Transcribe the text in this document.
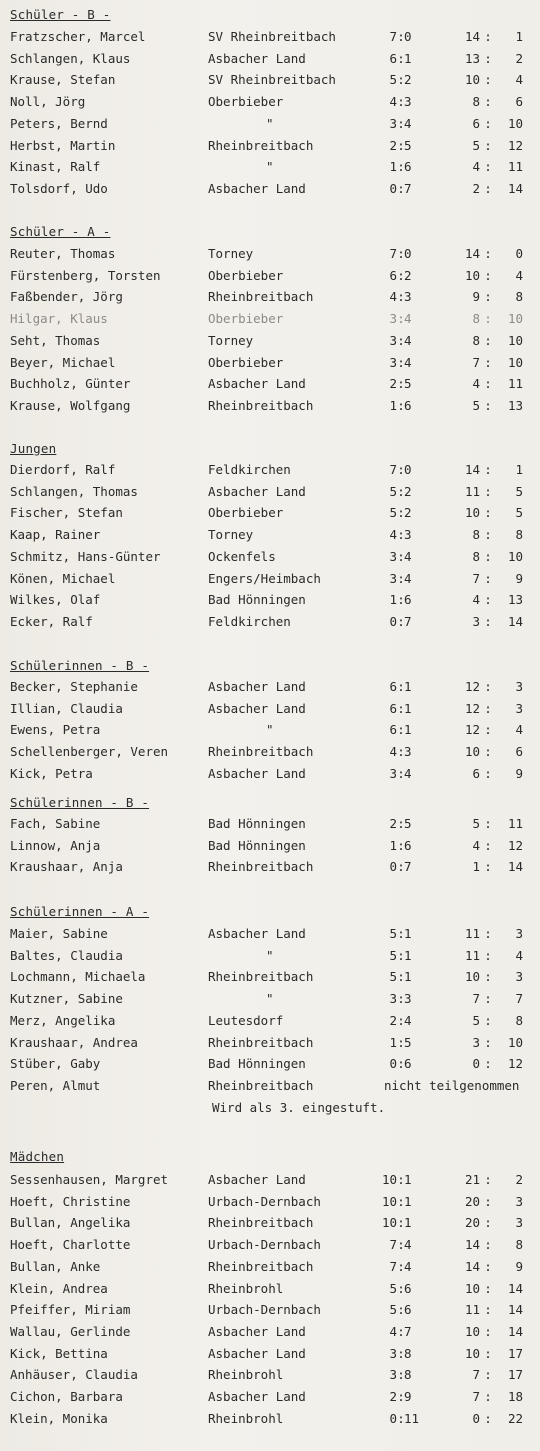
Schüler - B -
Fratzscher, Marcel	SV Rheinbreitbach	7 : 0	14 :	1
Schlangen, Klaus	Asbacher Land	6 : 1	13 :	2
Krause, Stefan	SV Rheinbreitbach	5 : 2	10 :	4
Noll, Jörg	Oberbieber	4 : 3	8 :	6
Peters, Bernd	"	3 : 4	6 :	10
Herbst, Martin	Rheinbreitbach	2 : 5	5 :	12
Kinast, Ralf	"	1 : 6	4 :	11
Tolsdorf, Udo	Asbacher Land	0 : 7	2 :	14
Schüler - A -
Reuter, Thomas	Torney	7 : 0	14 :	0
Fürstenberg, Torsten	Oberbieber	6 : 2	10 :	4
Faßbender, Jörg	Rheinbreitbach	4 : 3	9 :	8
Hilgar, Klaus	Oberbieber	3 : 4	8 :	10
Seht, Thomas	Torney	3 : 4	8 :	10
Beyer, Michael	Oberbieber	3 : 4	7 :	10
Buchholz, Günter	Asbacher Land	2 : 5	4 :	11
Krause, Wolfgang	Rheinbreitbach	1 : 6	5 :	13
Jungen
Dierdorf, Ralf	Feldkirchen	7 : 0	14 :	1
Schlangen, Thomas	Asbacher Land	5 : 2	11 :	5
Fischer, Stefan	Oberbieber	5 : 2	10 :	5
Kaap, Rainer	Torney	4 : 3	8 :	8
Schmitz, Hans-Günter	Ockenfels	3 : 4	8 :	10
Könen, Michael	Engers/Heimbach	3 : 4	7 :	9
Wilkes, Olaf	Bad Hönningen	1 : 6	4 :	13
Ecker, Ralf	Feldkirchen	0 : 7	3 :	14
Schülerinnen - B -
Becker, Stephanie	Asbacher Land	6 : 1	12 :	3
Illian, Claudia	Asbacher Land	6 : 1	12 :	3
Ewens, Petra	"	6 : 1	12 :	4
Schellenberger, Veren	Rheinbreitbach	4 : 3	10 :	6
Kick, Petra	Asbacher Land	3 : 4	6 :	9
Schülerinnen - B -
Fach, Sabine	Bad Hönningen	2 : 5	5 :	11
Linnow, Anja	Bad Hönningen	1 : 6	4 :	12
Kraushaar, Anja	Rheinbreitbach	0 : 7	1 :	14
Schülerinnen - A -
Maier, Sabine	Asbacher Land	5 : 1	11 :	3
Baltes, Claudia	"	5 : 1	11 :	4
Lochmann, Michaela	Rheinbreitbach	5 : 1	10 :	3
Kutzner, Sabine	"	3 : 3	7 :	7
Merz, Angelika	Leutesdorf	2 : 4	5 :	8
Kraushaar, Andrea	Rheinbreitbach	1 : 5	3 :	10
Stüber, Gaby	Bad Hönningen	0 : 6	0 :	12
Peren, Almut	Rheinbreitbach	nicht teilgenommen
Wird als 3. eingestuft.
Mädchen
Sessenhausen, Margret	Asbacher Land	10 : 1	21 :	2
Hoeft, Christine	Urbach-Dernbach	10 : 1	20 :	3
Bullan, Angelika	Rheinbreitbach	10 : 1	20 :	3
Hoeft, Charlotte	Urbach-Dernbach	7 : 4	14 :	8
Bullan, Anke	Rheinbreitbach	7 : 4	14 :	9
Klein, Andrea	Rheinbrohl	5 : 6	10 :	14
Pfeiffer, Miriam	Urbach-Dernbach	5 : 6	11 :	14
Wallau, Gerlinde	Asbacher Land	4 : 7	10 :	14
Kick, Bettina	Asbacher Land	3 : 8	10 :	17
Anhäuser, Claudia	Rheinbrohl	3 : 8	7 :	17
Cichon, Barbara	Asbacher Land	2 : 9	7 :	18
Klein, Monika	Rheinbrohl	0 : 11	0 :	22
